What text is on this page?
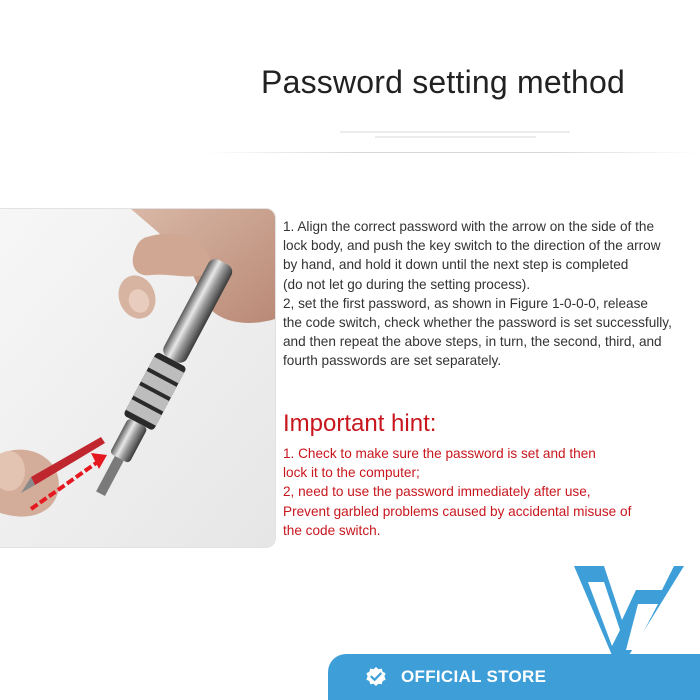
Password setting method

1. Align the correct password with the arrow on the side of the

lock body, and push the key switch to the direction of the arrow

by hand, and hold it down until the next step is completed

(do not let go during the setting process).

2, set the first password, as shown in Figure 1-0-0-0, release

the code switch, check whether the password is set successfully,

and then repeat the above steps, in turn, the second, third, and

fourth passwords are set separately.

Important hint:

1. Check to make sure the password is set and then

lock it to the computer;

2, need to use the password immediately after use,

Prevent garbled problems caused by accidental misuse of

the code switch.

OFFICIAL STORE
TM
